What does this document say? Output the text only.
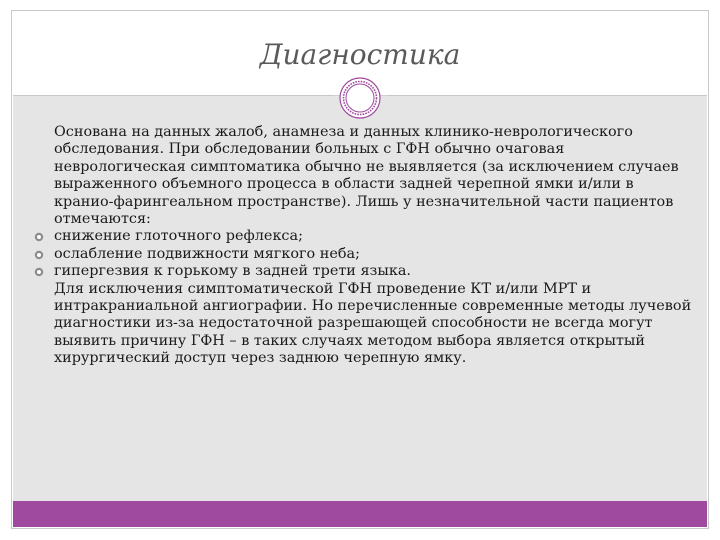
Диагностика

Основана на данных жалоб, анамнеза и данных клинико-неврологического обследования. При обследовании больных с ГФН обычно очаговая неврологическая симптоматика обычно не выявляется (за исключением случаев выраженного объемного процесса в области задней черепной ямки и/или в кранио-фарингеальном пространстве). Лишь у незначительной части пациентов отмечаются:

снижение глоточного рефлекса;

ослабление подвижности мягкого неба;

гипергезвия к горькому в задней трети языка.

Для исключения симптоматической ГФН проведение КТ и/или МРТ и интракраниальной ангиографии. Но перечисленные современные методы лучевой диагностики из-за недостаточной разрешающей способности не всегда могут выявить причину ГФН – в таких случаях методом выбора является открытый хирургический доступ через заднюю черепную ямку.
